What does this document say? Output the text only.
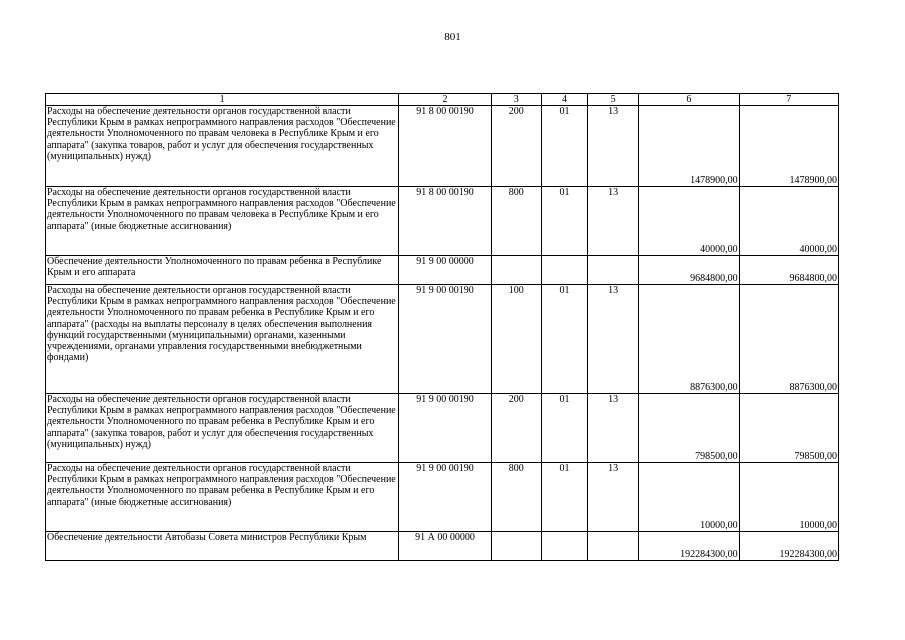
801
1	2	3	4	5	6	7
Расходы на обеспечение деятельности органов государственной власти Республики Крым в рамках непрограммного направления расходов "Обеспечение деятельности Уполномоченного по правам человека в Республике Крым и его аппарата" (закупка товаров, работ и услуг для обеспечения государственных (муниципальных) нужд)	91 8 00 00190	200	01	13	1478900,00	1478900,00
Расходы на обеспечение деятельности органов государственной власти Республики Крым в рамках непрограммного направления расходов "Обеспечение деятельности Уполномоченного по правам человека в Республике Крым и его аппарата" (иные бюджетные ассигнования)	91 8 00 00190	800	01	13	40000,00	40000,00
Обеспечение деятельности Уполномоченного по правам ребенка в Республике Крым и его аппарата	91 9 00 00000				9684800,00	9684800,00
Расходы на обеспечение деятельности органов государственной власти Республики Крым в рамках непрограммного направления расходов "Обеспечение деятельности Уполномоченного по правам ребенка в Республике Крым и его аппарата" (расходы на выплаты персоналу в целях обеспечения выполнения функций государственными (муниципальными) органами, казенными учреждениями, органами управления государственными внебюджетными фондами)	91 9 00 00190	100	01	13	8876300,00	8876300,00
Расходы на обеспечение деятельности органов государственной власти Республики Крым в рамках непрограммного направления расходов "Обеспечение деятельности Уполномоченного по правам ребенка в Республике Крым и его аппарата" (закупка товаров, работ и услуг для обеспечения государственных (муниципальных) нужд)	91 9 00 00190	200	01	13	798500,00	798500,00
Расходы на обеспечение деятельности органов государственной власти Республики Крым в рамках непрограммного направления расходов "Обеспечение деятельности Уполномоченного по правам ребенка в Республике Крым и его аппарата" (иные бюджетные ассигнования)	91 9 00 00190	800	01	13	10000,00	10000,00
Обеспечение деятельности Автобазы Совета министров Республики Крым	91 А 00 00000				192284300,00	192284300,00
